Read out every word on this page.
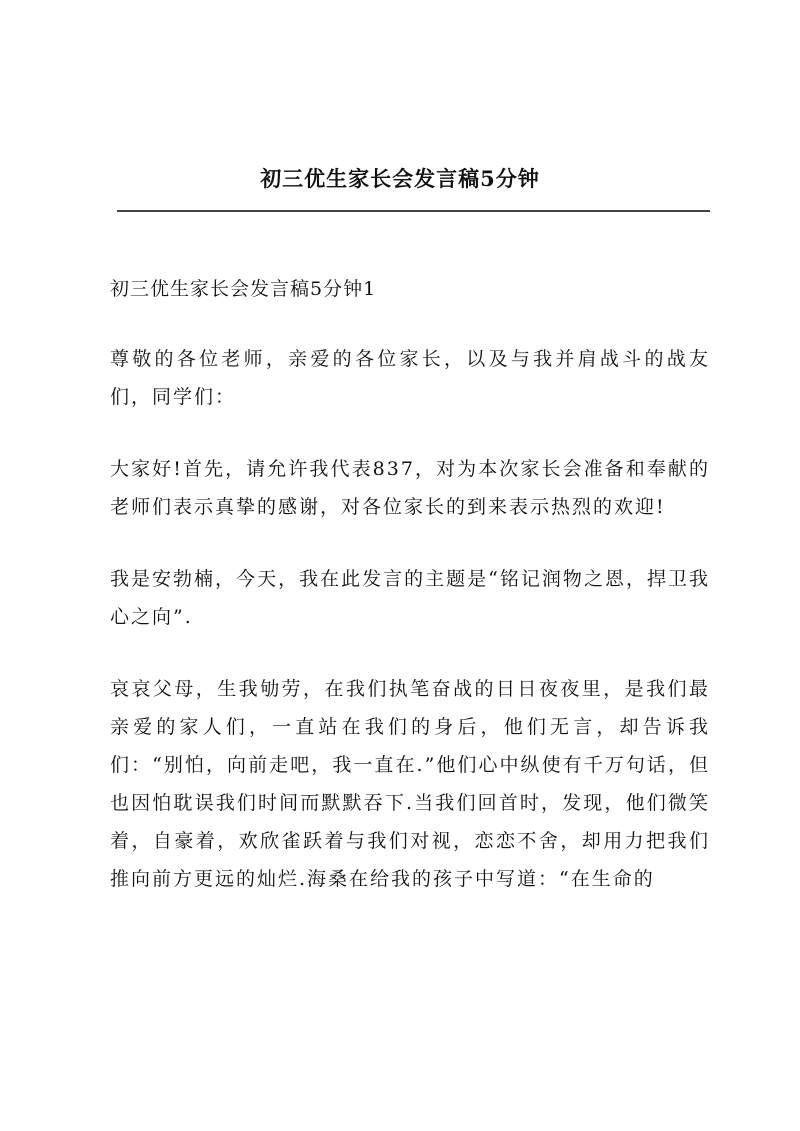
初三优生家长会发言稿5分钟

初三优生家长会发言稿5分钟1

尊敬的各位老师，亲爱的各位家长，以及与我并肩战斗的战友们，同学们：

大家好!首先，请允许我代表837，对为本次家长会准备和奉献的老师们表示真挚的感谢，对各位家长的到来表示热烈的欢迎!

我是安勃楠，今天，我在此发言的主题是“铭记润物之恩，捍卫我心之向”.

哀哀父母，生我劬劳，在我们执笔奋战的日日夜夜里，是我们最亲爱的家人们，一直站在我们的身后，他们无言，却告诉我们：“别怕，向前走吧，我一直在.”他们心中纵使有千万句话，但也因怕耽误我们时间而默默吞下.当我们回首时，发现，他们微笑着，自豪着，欢欣雀跃着与我们对视，恋恋不舍，却用力把我们推向前方更远的灿烂.海桑在给我的孩子中写道：“在生命的
